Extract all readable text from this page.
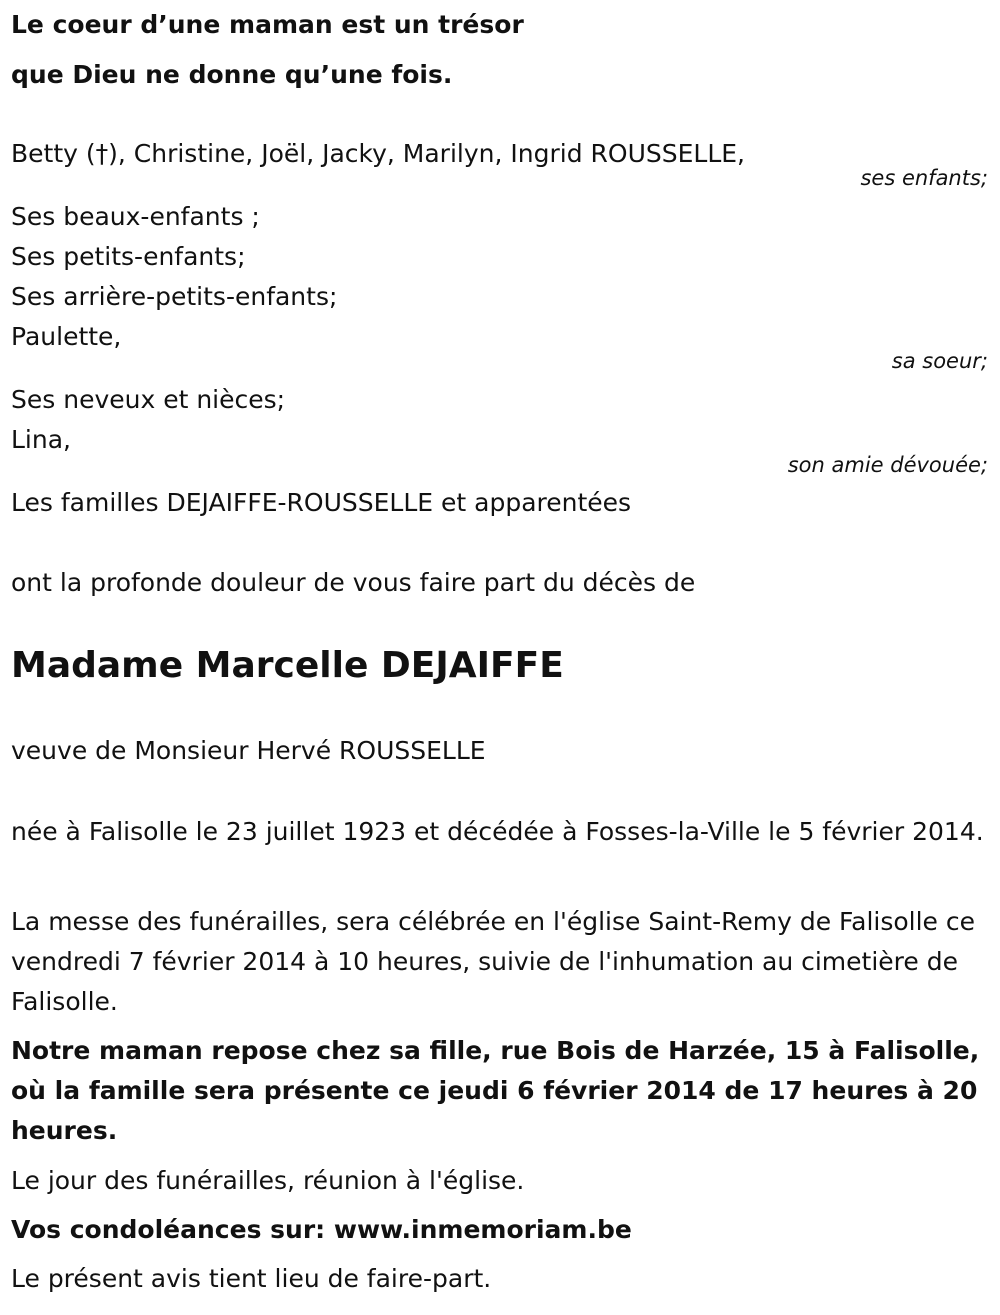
Le coeur d’une maman est un trésor

que Dieu ne donne qu’une fois.

Betty (†), Christine, Joël, Jacky, Marilyn, Ingrid ROUSSELLE,

ses enfants;

Ses beaux-enfants ;

Ses petits-enfants;

Ses arrière-petits-enfants;

Paulette,

sa soeur;

Ses neveux et nièces;

Lina,

son amie dévouée;

Les familles DEJAIFFE-ROUSSELLE et apparentées

ont la profonde douleur de vous faire part du décès de

Madame Marcelle DEJAIFFE

veuve de Monsieur Hervé ROUSSELLE

née à Falisolle le 23 juillet 1923 et décédée à Fosses-la-Ville le 5 février 2014.

La messe des funérailles, sera célébrée en l'église Saint-Remy de Falisolle ce vendredi 7 février 2014 à 10 heures, suivie de l'inhumation au cimetière de Falisolle.

Notre maman repose chez sa fille, rue Bois de Harzée, 15 à Falisolle, où la famille sera présente ce jeudi 6 février 2014 de 17 heures à 20 heures.

Le jour des funérailles, réunion à l'église.

Vos condoléances sur: www.inmemoriam.be

Le présent avis tient lieu de faire-part.
